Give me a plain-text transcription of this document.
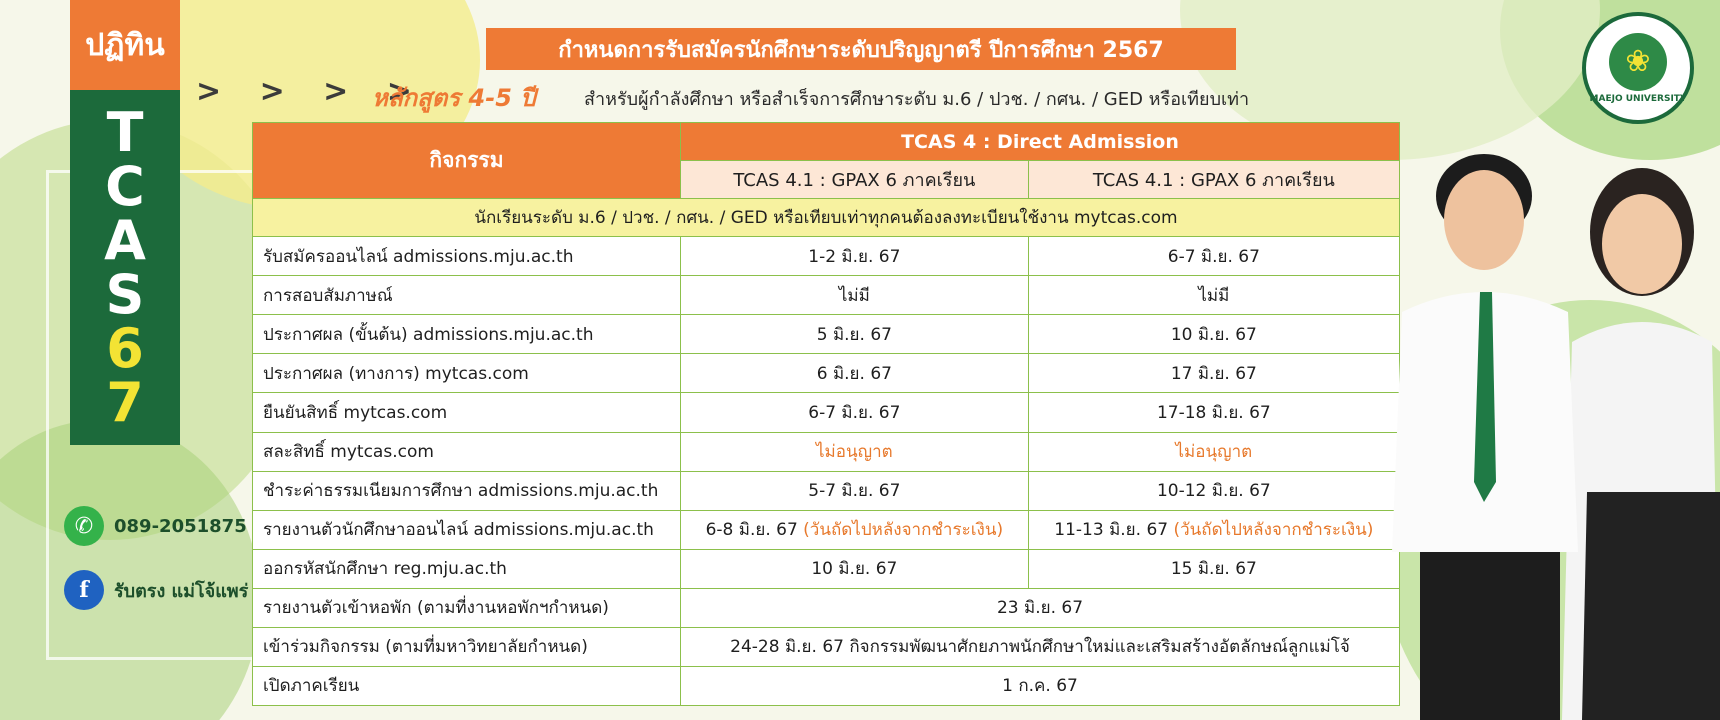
ปฏิทิน
T
C
A
S
6
7
✆	089-2051875
f	รับตรง แม่โจ้แพร่
กำหนดการรับสมัครนักศึกษาระดับปริญญาตรี ปีการศึกษา 2567
> > > >
หลักสูตร 4-5 ปี	สำหรับผู้กำลังศึกษา หรือสำเร็จการศึกษาระดับ ม.6 / ปวช. / กศน. / GED หรือเทียบเท่า
❀
MAEJO UNIVERSITY
กิจกรรม	TCAS 4 : Direct Admission	
	TCAS 4.1 : GPAX 6 ภาคเรียน	TCAS 4.1 : GPAX 6 ภาคเรียน
นักเรียนระดับ ม.6 / ปวช. / กศน. / GED หรือเทียบเท่าทุกคนต้องลงทะเบียนใช้งาน mytcas.com		
รับสมัครออนไลน์ admissions.mju.ac.th	1-2 มิ.ย. 67	6-7 มิ.ย. 67
การสอบสัมภาษณ์	ไม่มี	ไม่มี
ประกาศผล (ขั้นต้น) admissions.mju.ac.th	5 มิ.ย. 67	10 มิ.ย. 67
ประกาศผล (ทางการ) mytcas.com	6 มิ.ย. 67	17 มิ.ย. 67
ยืนยันสิทธิ์ mytcas.com	6-7 มิ.ย. 67	17-18 มิ.ย. 67
สละสิทธิ์ mytcas.com	ไม่อนุญาต	ไม่อนุญาต
ชำระค่าธรรมเนียมการศึกษา admissions.mju.ac.th	5-7 มิ.ย. 67	10-12 มิ.ย. 67
รายงานตัวนักศึกษาออนไลน์ admissions.mju.ac.th	6-8 มิ.ย. 67 (วันถัดไปหลังจากชำระเงิน)	11-13 มิ.ย. 67 (วันถัดไปหลังจากชำระเงิน)
ออกรหัสนักศึกษา reg.mju.ac.th	10 มิ.ย. 67	15 มิ.ย. 67
รายงานตัวเข้าหอพัก (ตามที่งานหอพักฯกำหนด)	23 มิ.ย. 67	
เข้าร่วมกิจกรรม (ตามที่มหาวิทยาลัยกำหนด)	24-28 มิ.ย. 67 กิจกรรมพัฒนาศักยภาพนักศึกษาใหม่และเสริมสร้างอัตลักษณ์ลูกแม่โจ้	
เปิดภาคเรียน	1 ก.ค. 67	
